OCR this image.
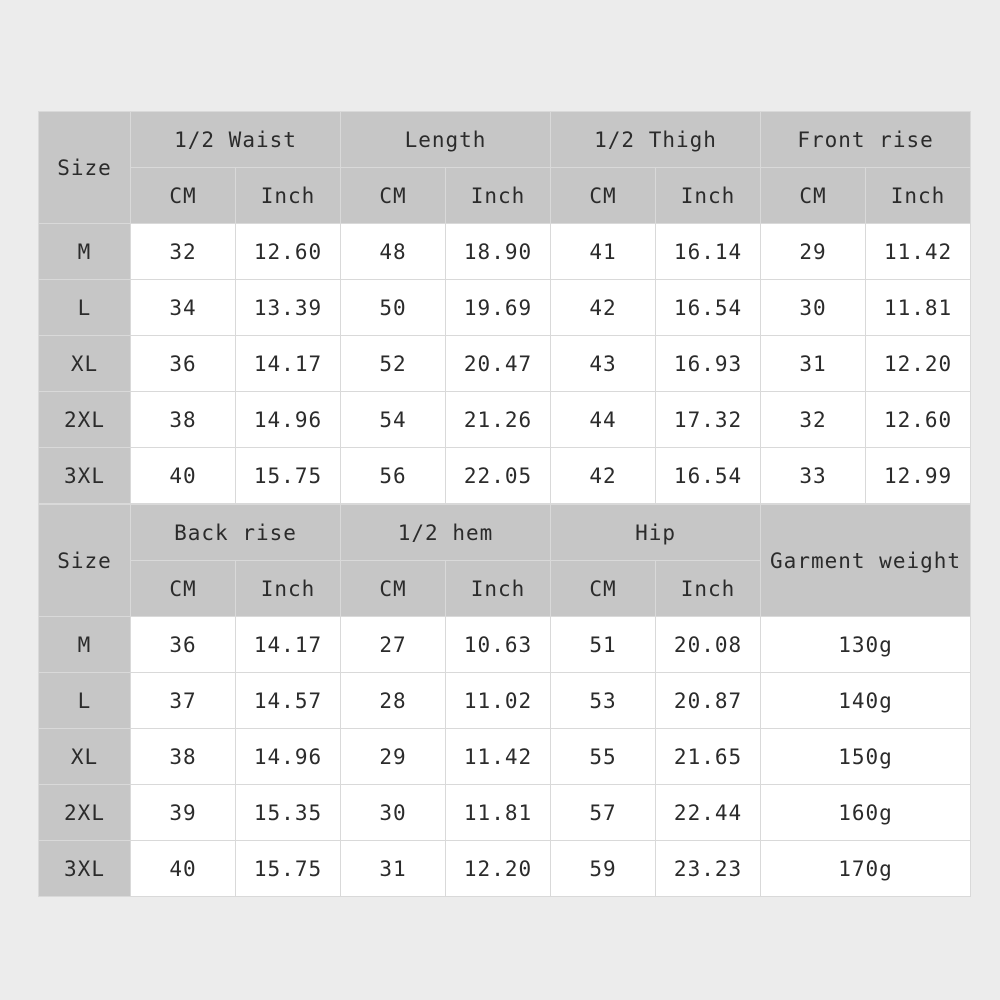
Size	1/2 Waist		Length		1/2 Thigh		Front rise	
	CM	Inch	CM	Inch	CM	Inch	CM	Inch
M	32	12.60	48	18.90	41	16.14	29	11.42
L	34	13.39	50	19.69	42	16.54	30	11.81
XL	36	14.17	52	20.47	43	16.93	31	12.20
2XL	38	14.96	54	21.26	44	17.32	32	12.60
3XL	40	15.75	56	22.05	42	16.54	33	12.99
Size	Back rise		1/2 hem		Hip		Garment weight
	CM	Inch	CM	Inch	CM	Inch	
M	36	14.17	27	10.63	51	20.08	130g
L	37	14.57	28	11.02	53	20.87	140g
XL	38	14.96	29	11.42	55	21.65	150g
2XL	39	15.35	30	11.81	57	22.44	160g
3XL	40	15.75	31	12.20	59	23.23	170g
